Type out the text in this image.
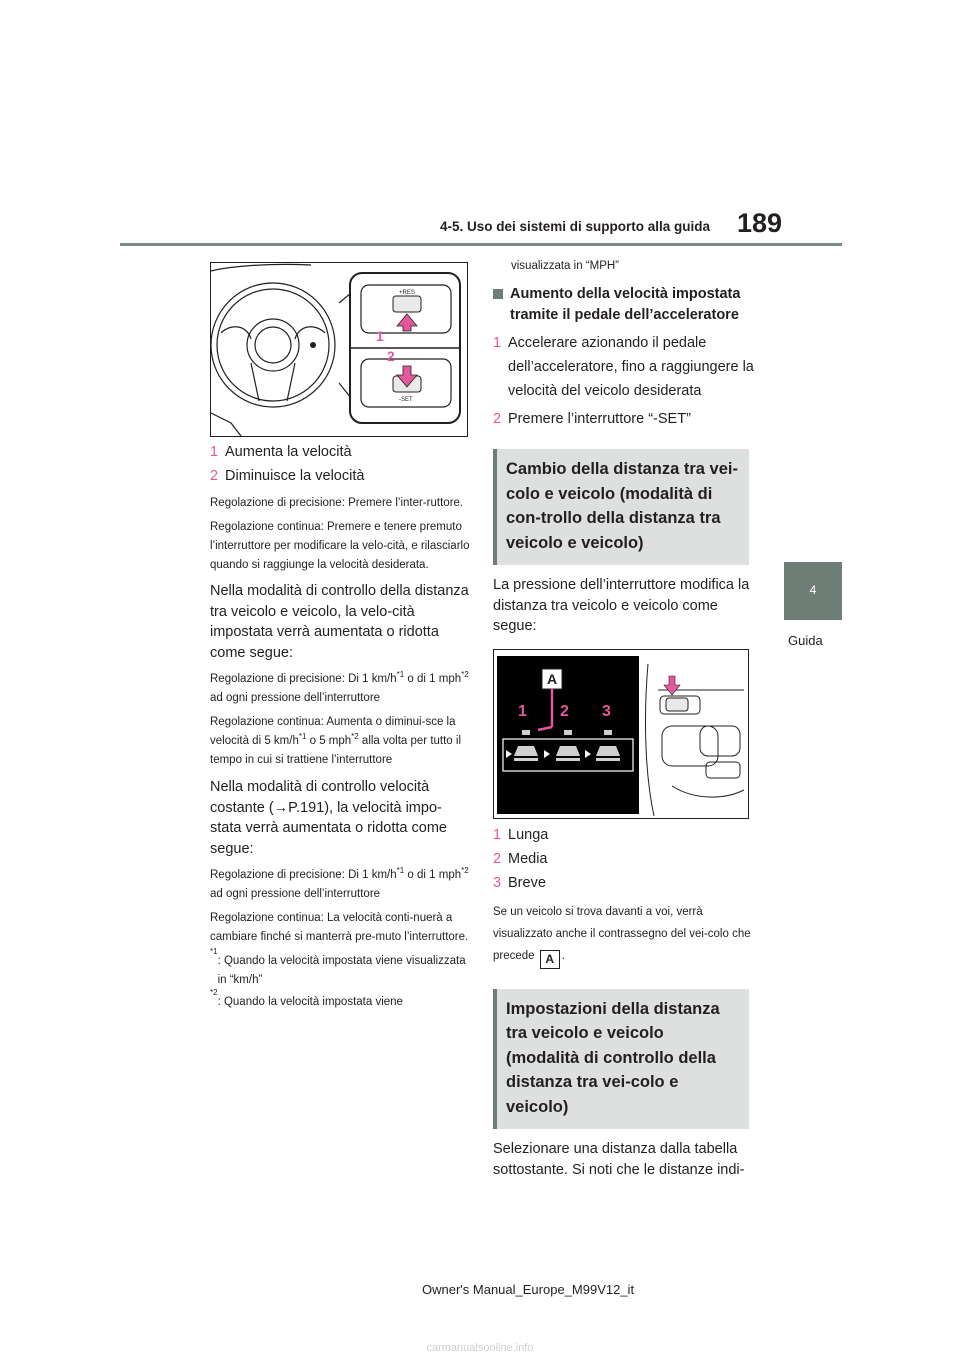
4-5. Uso dei sistemi di supporto alla guida 189
4
Guida
+RES
-SET
1
2
1 Aumenta la velocità
2 Diminuisce la velocità

Regolazione di precisione: Premere l’inter-ruttore.

Regolazione continua: Premere e tenere premuto l’interruttore per modificare la velo-cità, e rilasciarlo quando si raggiunge la velocità desiderata.

Nella modalità di controllo della distanza tra veicolo e veicolo, la velo-cità impostata verrà aumentata o ridotta come segue:

Regolazione di precisione: Di 1 $km/h^{*1}$ o di 1 mph$^{*2}$ ad ogni pressione dell’interruttore

Regolazione continua: Aumenta o diminui-sce la velocità di 5 $km/h^{*1}$ o 5 mph$^{*2}$ alla volta per tutto il tempo in cui si trattiene l’interruttore

Nella modalità di controllo velocità costante (→P.191), la velocità impo-stata verrà aumentata o ridotta come segue:

Regolazione di precisione: Di 1 $km/h^{*1}$ o di 1 mph$^{*2}$ ad ogni pressione dell’interruttore

Regolazione continua: La velocità conti-nuerà a cambiare finché si manterrà pre-muto l’interruttore.

*1
: Quando la velocità impostata viene visualizzata in “km/h”

*2
: Quando la velocità impostata viene

visualizzata in “MPH”

Aumento della velocità impostata tramite il pedale dell’acceleratore
1 Accelerare azionando il pedale dell’acceleratore, fino a raggiungere la velocità del veicolo desiderata
2 Premere l’interruttore “-SET”
Cambio della distanza tra vei-colo e veicolo (modalità di con-trollo della distanza tra veicolo e veicolo)

La pressione dell’interruttore modifica la distanza tra veicolo e veicolo come segue:

A
1 2 3
1 Lunga
2 Media
3 Breve

Se un veicolo si trova davanti a voi, verrà visualizzato anche il contrassegno del vei-colo che precede A .

Impostazioni della distanza tra veicolo e veicolo (modalità di controllo della distanza tra vei-colo e veicolo)

Selezionare una distanza dalla tabella sottostante. Si noti che le distanze indi-

Owner's Manual_Europe_M99V12_it
carmanualsonline.info
